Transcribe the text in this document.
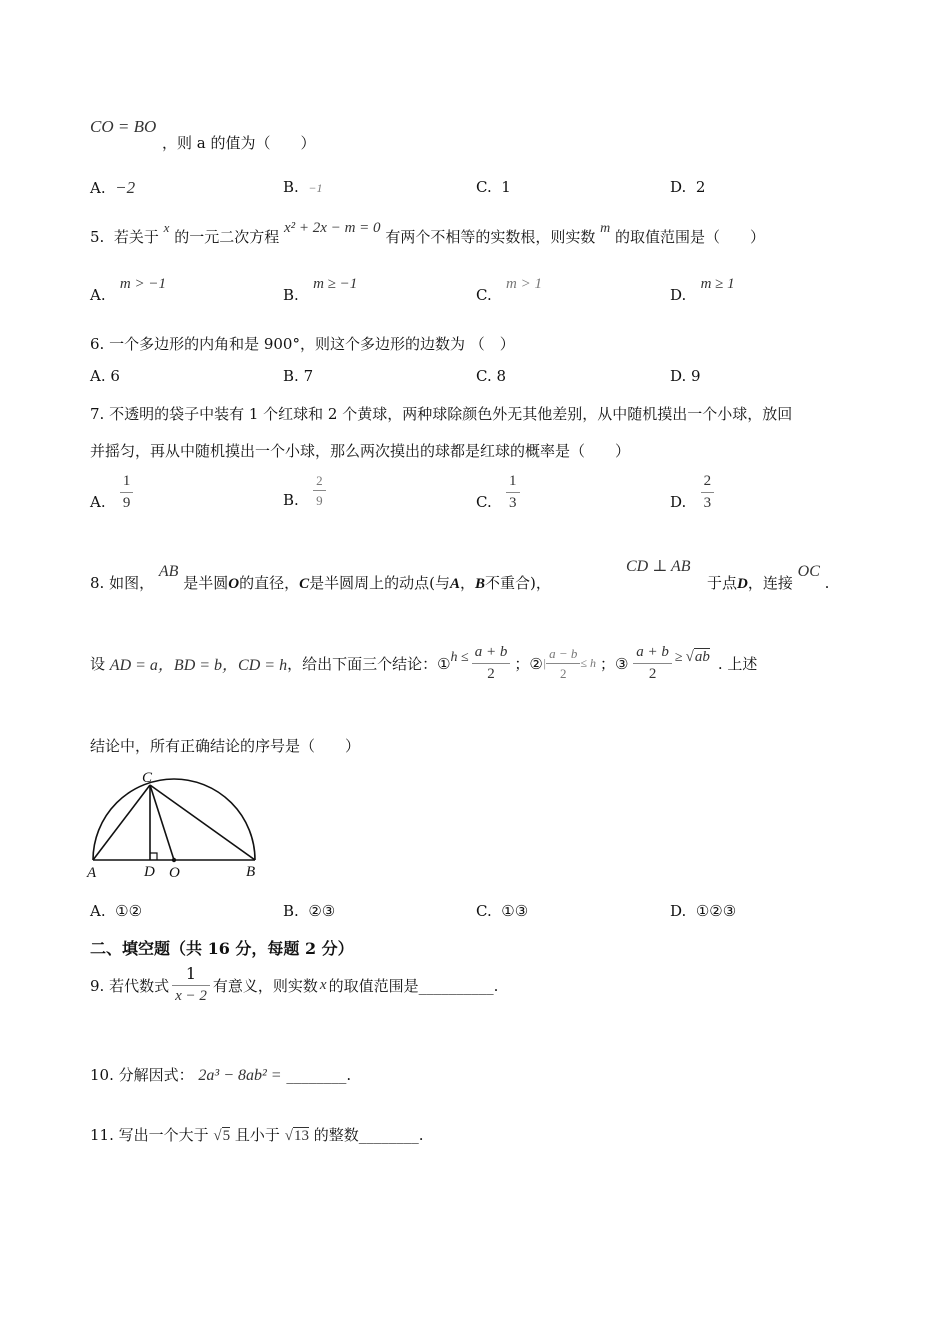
CO = BO
，则 a 的值为（　　）
A. −2	B. −1	C. 1	D. 2
5. 若关于 x 的一元二次方程 x² + 2x − m = 0 有两个不相等的实数根，则实数 m 的取值范围是（　　）
A.   m > −1
B.   m ≥ −1
C.   m > 1
D.   m ≥ 1
6. 一个多边形的内角和是 900°，则这个多边形的边数为 （　）
A. 6	B. 7	C. 8	D. 9
7. 不透明的袋子中装有 1 个红球和 2 个黄球，两种球除颜色外无其他差别，从中随机摸出一个小球，放回
并摇匀，再从中随机摸出一个小球，那么两次摸出的球都是红球的概率是（　　）
A. $\frac{1}{9}$	B. $\frac{2}{9}$	C. $\frac{1}{3}$	D. $\frac{2}{3}$
8. 如图， AB 是半圆O的直径，C是半圆周上的动点(与A，B不重合)，
CD ⊥ AB
于点D，连接 OC .
设
AD = a，BD = b，CD = h ，给出下面三个结论： ① $h \le \frac{a + b}{2}$ ； ② | $\frac{a - b}{2} \le h$ ； ③
$\frac{a + b}{2} \ge √ab$ . 上述
结论中，所有正确结论的序号是（　　）
C
A	D O	B
A. ①②	B. ②③	C. ①③	D. ①②③
二、填空题（共 16 分，每题 2 分）
9. 若代数式 $\frac{1}{x - 2}$ 有意义，则实数 x 的取值范围是__________.
10. 分解因式： 2a³ − 8ab² = ________.
11. 写出一个大于 √5 且小于 √13 的整数________.
